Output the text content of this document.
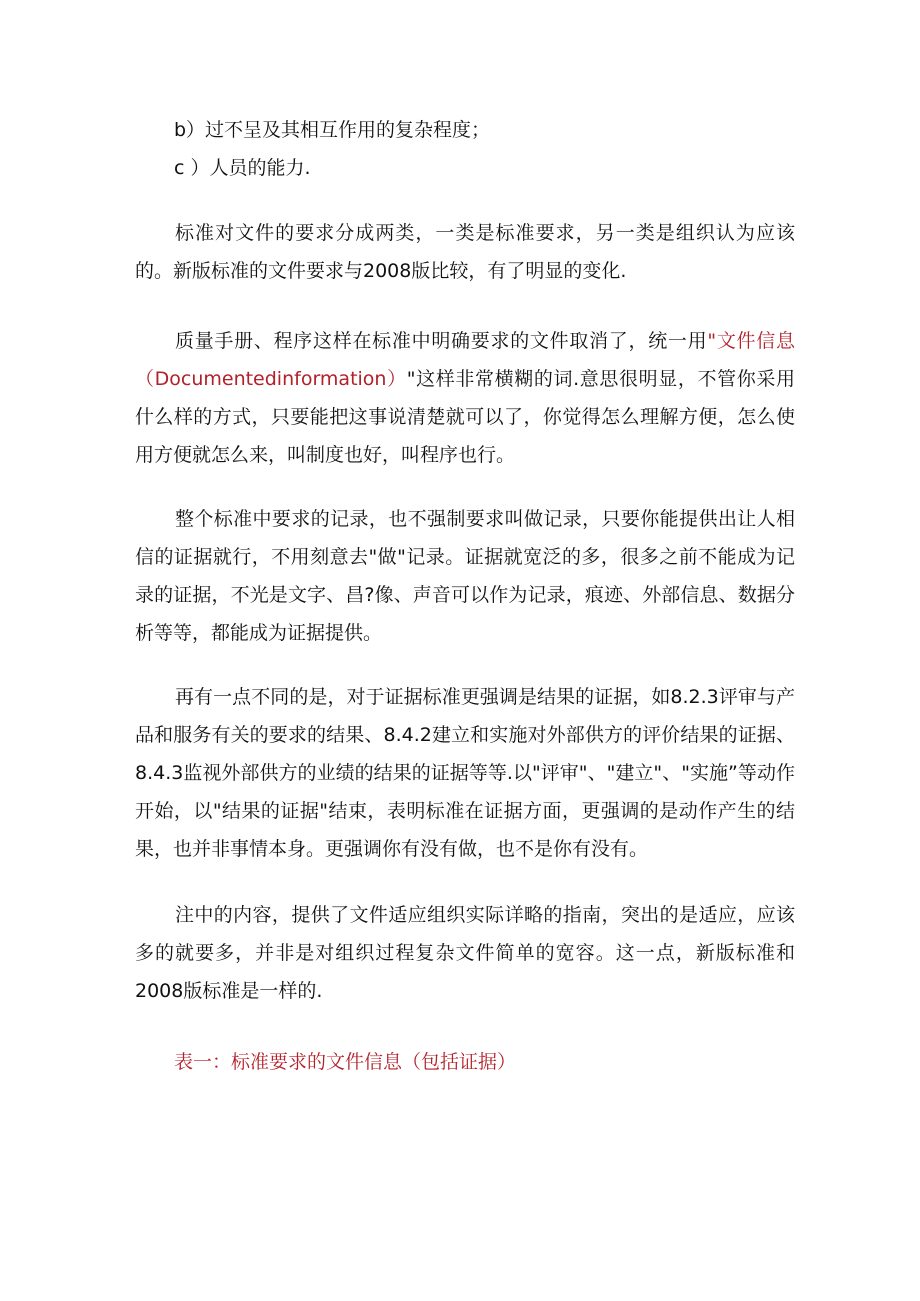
b）过不呈及其相互作用的复杂程度；
c ）人员的能力.

标准对文件的要求分成两类，一类是标准要求，另一类是组织认为应该的。新版标准的文件要求与2008版比较，有了明显的变化.

质量手册、程序这样在标准中明确要求的文件取消了，统一用"文件信息（Documentedinformation）"这样非常横糊的词.意思很明显，不管你采用什么样的方式，只要能把这事说清楚就可以了，你觉得怎么理解方便，怎么使用方便就怎么来，叫制度也好，叫程序也行。

整个标准中要求的记录，也不强制要求叫做记录，只要你能提供出让人相信的证据就行，不用刻意去"做"记录。证据就宽泛的多，很多之前不能成为记录的证据，不光是文字、昌?像、声音可以作为记录，痕迹、外部信息、数据分析等等，都能成为证据提供。

再有一点不同的是，对于证据标准更强调是结果的证据，如8.2.3评审与产品和服务有关的要求的结果、8.4.2建立和实施对外部供方的评价结果的证据、8.4.3监视外部供方的业绩的结果的证据等等.以"评审"、"建立"、"实施”等动作开始，以"结果的证据"结束，表明标准在证据方面，更强调的是动作产生的结果，也并非事情本身。更强调你有没有做，也不是你有没有。

注中的内容，提供了文件适应组织实际详略的指南，突出的是适应，应该多的就要多，并非是对组织过程复杂文件简单的宽容。这一点，新版标准和2008版标准是一样的.

表一：标准要求的文件信息（包括证据）
